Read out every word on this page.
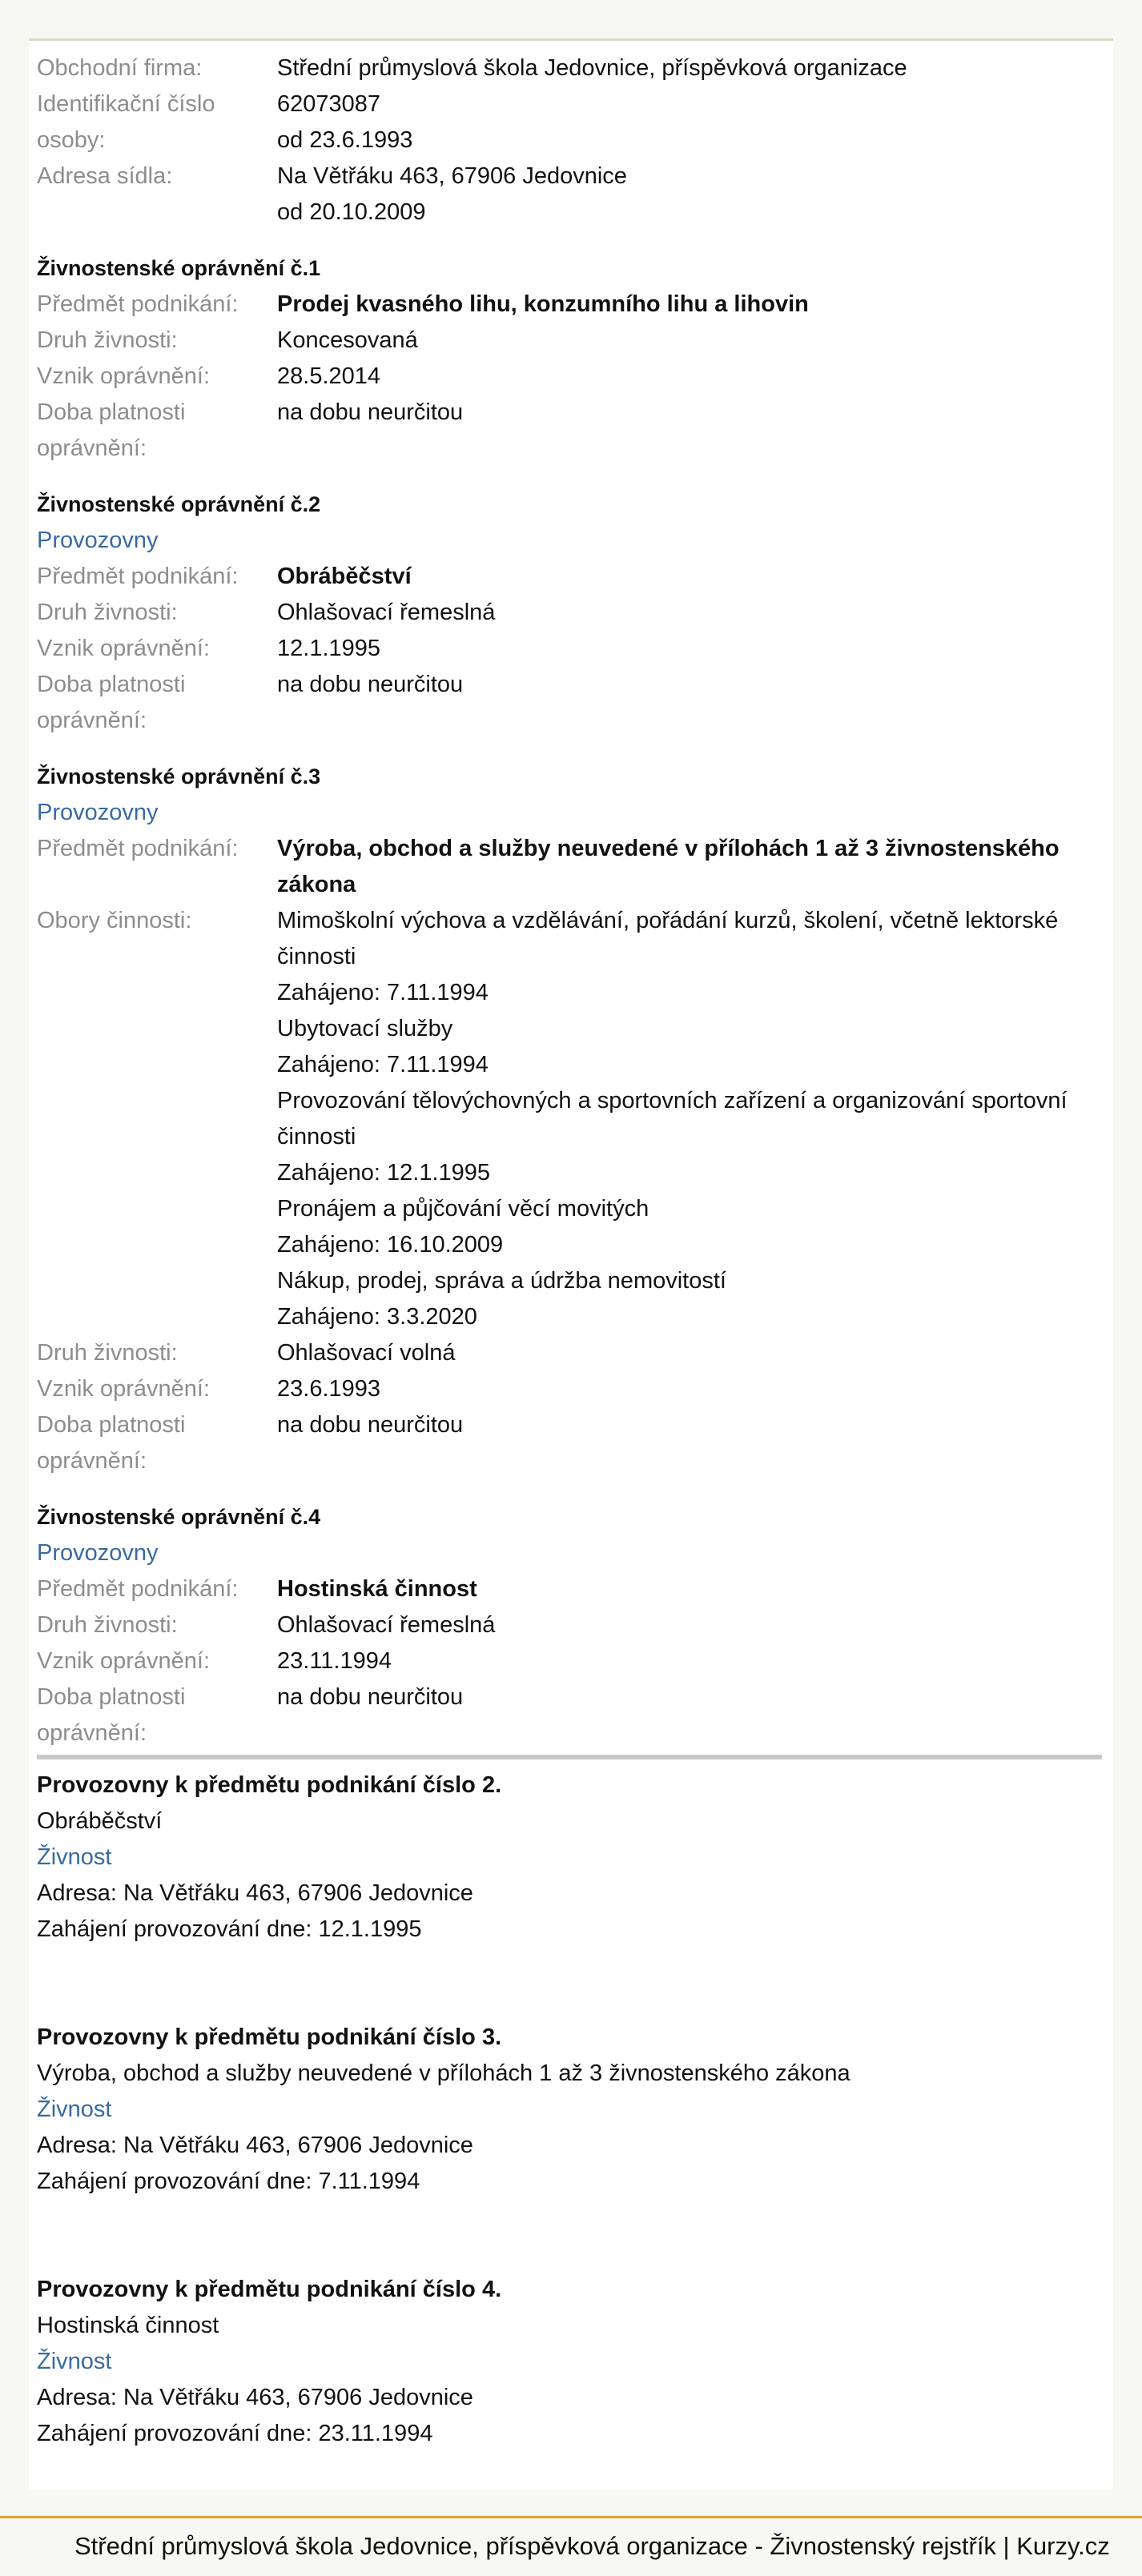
Obchodní firma:	Střední průmyslová škola Jedovnice, příspěvková organizace
Identifikační číslo osoby:
62073087
od 23.6.1993
Adresa sídla:	Na Větřáku 463, 67906 Jedovnice
od 20.10.2009
Živnostenské oprávnění č.1
Předmět podnikání:	Prodej kvasného lihu, konzumního lihu a lihovin
Druh živnosti:	Koncesovaná
Vznik oprávnění:	28.5.2014
Doba platnosti oprávnění:
na dobu neurčitou
Živnostenské oprávnění č.2
Provozovny
Předmět podnikání:	Obráběčství
Druh živnosti:	Ohlašovací řemeslná
Vznik oprávnění:	12.1.1995
Doba platnosti oprávnění:
na dobu neurčitou
Živnostenské oprávnění č.3
Provozovny
Předmět podnikání:	Výroba, obchod a služby neuvedené v přílohách 1 až 3 živnostenského zákona
Obory činnosti:	Mimoškolní výchova a vzdělávání, pořádání kurzů, školení, včetně lektorské činnosti
Zahájeno: 7.11.1994
Ubytovací služby
Zahájeno: 7.11.1994
Provozování tělovýchovných a sportovních zařízení a organizování sportovní činnosti
Zahájeno: 12.1.1995
Pronájem a půjčování věcí movitých
Zahájeno: 16.10.2009
Nákup, prodej, správa a údržba nemovitostí
Zahájeno: 3.3.2020
Druh živnosti:	Ohlašovací volná
Vznik oprávnění:	23.6.1993
Doba platnosti oprávnění:
na dobu neurčitou
Živnostenské oprávnění č.4
Provozovny
Předmět podnikání:	Hostinská činnost
Druh živnosti:	Ohlašovací řemeslná
Vznik oprávnění:	23.11.1994
Doba platnosti oprávnění:
na dobu neurčitou
Provozovny k předmětu podnikání číslo 2.
Obráběčství
Živnost
Adresa: Na Větřáku 463, 67906 Jedovnice
Zahájení provozování dne: 12.1.1995
Provozovny k předmětu podnikání číslo 3.
Výroba, obchod a služby neuvedené v přílohách 1 až 3 živnostenského zákona
Živnost
Adresa: Na Větřáku 463, 67906 Jedovnice
Zahájení provozování dne: 7.11.1994
Provozovny k předmětu podnikání číslo 4.
Hostinská činnost
Živnost
Adresa: Na Větřáku 463, 67906 Jedovnice
Zahájení provozování dne: 23.11.1994
Střední průmyslová škola Jedovnice, příspěvková organizace - Živnostenský rejstřík | Kurzy.cz
